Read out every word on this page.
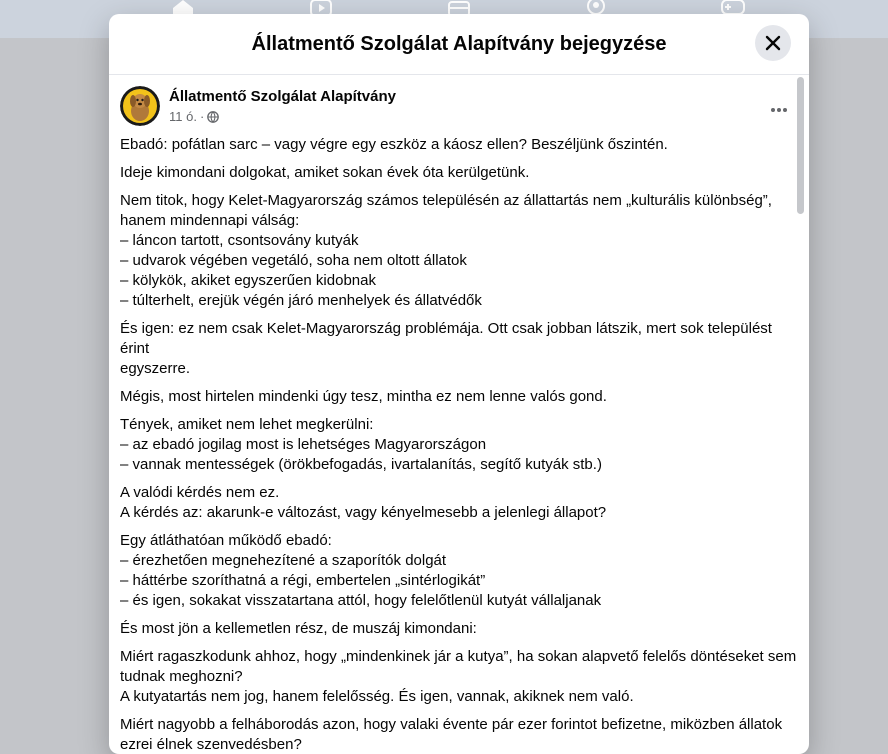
Állatmentő Szolgálat Alapítvány bejegyzése
Állatmentő Szolgálat Alapítvány
11 ó. ·

Ebadó: pofátlan sarc – vagy végre egy eszköz a káosz ellen? Beszéljünk őszintén.

Ideje kimondani dolgokat, amiket sokan évek óta kerülgetünk.

Nem titok, hogy Kelet-Magyarország számos településén az állattartás nem „kulturális különbség”,
hanem mindennapi válság:
– láncon tartott, csontsovány kutyák
– udvarok végében vegetáló, soha nem oltott állatok
– kölykök, akiket egyszerűen kidobnak
– túlterhelt, erejük végén járó menhelyek és állatvédők

És igen: ez nem csak Kelet-Magyarország problémája. Ott csak jobban látszik, mert sok települést érint
egyszerre.

Mégis, most hirtelen mindenki úgy tesz, mintha ez nem lenne valós gond.

Tények, amiket nem lehet megkerülni:
– az ebadó jogilag most is lehetséges Magyarországon
– vannak mentességek (örökbefogadás, ivartalanítás, segítő kutyák stb.)

A valódi kérdés nem ez.
A kérdés az: akarunk-e változást, vagy kényelmesebb a jelenlegi állapot?

Egy átláthatóan működő ebadó:
– érezhetően megnehezítené a szaporítók dolgát
– háttérbe szoríthatná a régi, embertelen „sintérlogikát”
– és igen, sokakat visszatartana attól, hogy felelőtlenül kutyát vállaljanak

És most jön a kellemetlen rész, de muszáj kimondani:

Miért ragaszkodunk ahhoz, hogy „mindenkinek jár a kutya”, ha sokan alapvető felelős döntéseket sem
tudnak meghozni?
A kutyatartás nem jog, hanem felelősség. És igen, vannak, akiknek nem való.

Miért nagyobb a felháborodás azon, hogy valaki évente pár ezer forintot befizetne, miközben állatok
ezrei élnek szenvedésben?
